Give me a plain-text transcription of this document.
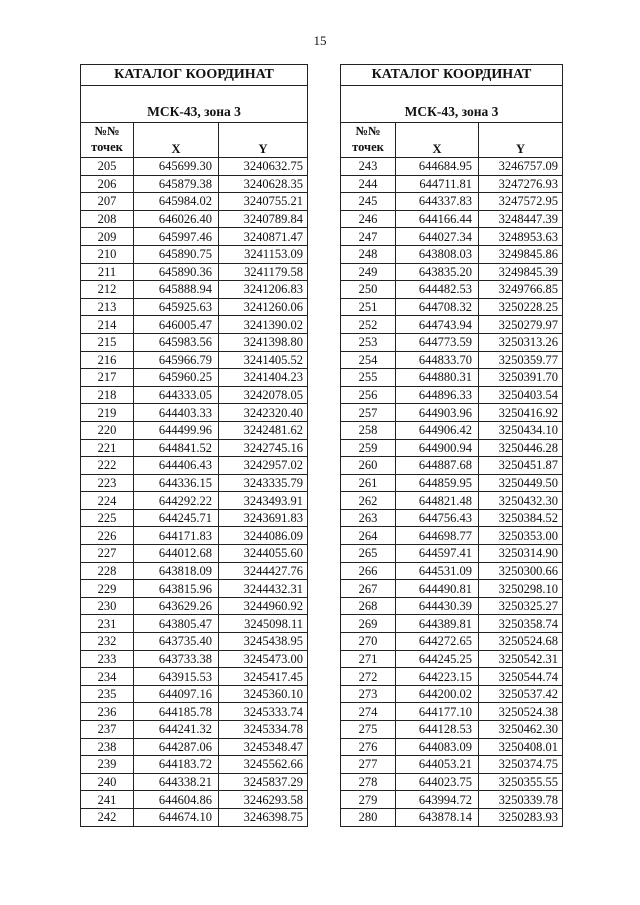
15
КАТАЛОГ КООРДИНАТ		
МСК-43, зона 3		
№№
точек	X	Y
205	645699.30	3240632.75
206	645879.38	3240628.35
207	645984.02	3240755.21
208	646026.40	3240789.84
209	645997.46	3240871.47
210	645890.75	3241153.09
211	645890.36	3241179.58
212	645888.94	3241206.83
213	645925.63	3241260.06
214	646005.47	3241390.02
215	645983.56	3241398.80
216	645966.79	3241405.52
217	645960.25	3241404.23
218	644333.05	3242078.05
219	644403.33	3242320.40
220	644499.96	3242481.62
221	644841.52	3242745.16
222	644406.43	3242957.02
223	644336.15	3243335.79
224	644292.22	3243493.91
225	644245.71	3243691.83
226	644171.83	3244086.09
227	644012.68	3244055.60
228	643818.09	3244427.76
229	643815.96	3244432.31
230	643629.26	3244960.92
231	643805.47	3245098.11
232	643735.40	3245438.95
233	643733.38	3245473.00
234	643915.53	3245417.45
235	644097.16	3245360.10
236	644185.78	3245333.74
237	644241.32	3245334.78
238	644287.06	3245348.47
239	644183.72	3245562.66
240	644338.21	3245837.29
241	644604.86	3246293.58
242	644674.10	3246398.75
КАТАЛОГ КООРДИНАТ		
МСК-43, зона 3		
№№
точек	X	Y
243	644684.95	3246757.09
244	644711.81	3247276.93
245	644337.83	3247572.95
246	644166.44	3248447.39
247	644027.34	3248953.63
248	643808.03	3249845.86
249	643835.20	3249845.39
250	644482.53	3249766.85
251	644708.32	3250228.25
252	644743.94	3250279.97
253	644773.59	3250313.26
254	644833.70	3250359.77
255	644880.31	3250391.70
256	644896.33	3250403.54
257	644903.96	3250416.92
258	644906.42	3250434.10
259	644900.94	3250446.28
260	644887.68	3250451.87
261	644859.95	3250449.50
262	644821.48	3250432.30
263	644756.43	3250384.52
264	644698.77	3250353.00
265	644597.41	3250314.90
266	644531.09	3250300.66
267	644490.81	3250298.10
268	644430.39	3250325.27
269	644389.81	3250358.74
270	644272.65	3250524.68
271	644245.25	3250542.31
272	644223.15	3250544.74
273	644200.02	3250537.42
274	644177.10	3250524.38
275	644128.53	3250462.30
276	644083.09	3250408.01
277	644053.21	3250374.75
278	644023.75	3250355.55
279	643994.72	3250339.78
280	643878.14	3250283.93
